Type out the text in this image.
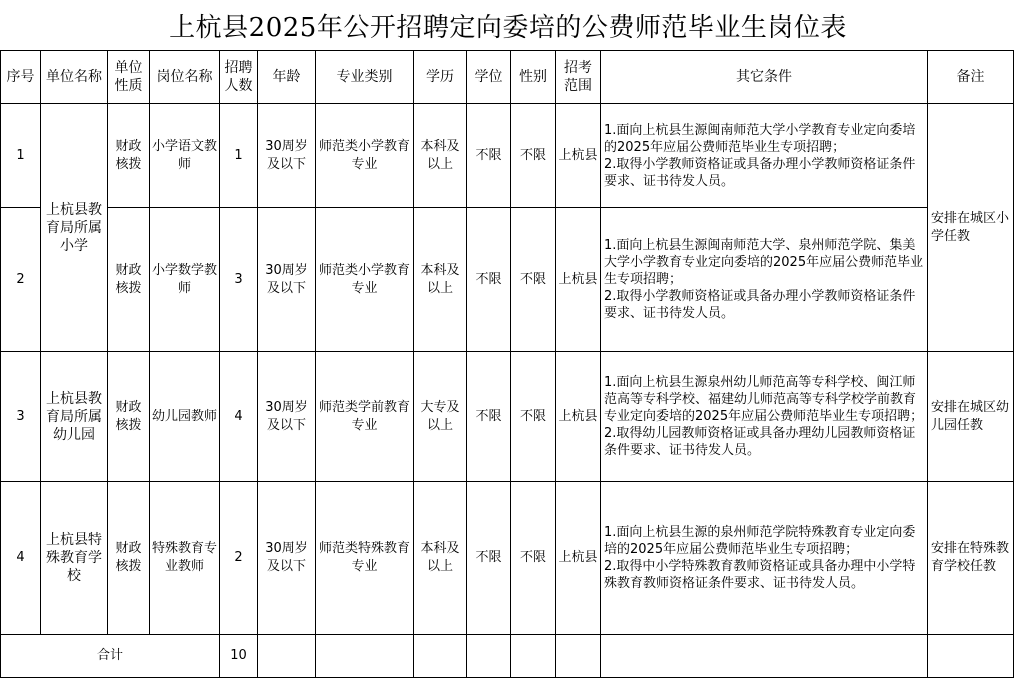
上杭县2025年公开招聘定向委培的公费师范毕业生岗位表
序号	单位名称	单位性质	岗位名称	招聘人数	年龄	专业类别	学历	学位	性别	招考范围	其它条件	备注
1	上杭县教育局所属小学	财政核拨	小学语文教师	1	30周岁及以下	师范类小学教育专业	本科及以上	不限	不限	上杭县	1.面向上杭县生源闽南师范大学小学教育专业定向委培的2025年应届公费师范毕业生专项招聘；
2.取得小学教师资格证或具备办理小学教师资格证条件要求、证书待发人员。	安排在城区小学任教
2		财政核拨	小学数学教师	3	30周岁及以下	师范类小学教育专业	本科及以上	不限	不限	上杭县	1.面向上杭县生源闽南师范大学、泉州师范学院、集美大学小学教育专业定向委培的2025年应届公费师范毕业生专项招聘；
2.取得小学教师资格证或具备办理小学教师资格证条件要求、证书待发人员。	

3	上杭县教育局所属幼儿园	财政核拨	幼儿园教师	4	30周岁及以下	师范类学前教育专业	大专及以上	不限	不限	上杭县	1.面向上杭县生源泉州幼儿师范高等专科学校、闽江师范高等专科学校、福建幼儿师范高等专科学校学前教育专业定向委培的2025年应届公费师范毕业生专项招聘；
2.取得幼儿园教师资格证或具备办理幼儿园教师资格证条件要求、证书待发人员。	安排在城区幼儿园任教
4	上杭县特殊教育学校	财政核拨	特殊教育专业教师	2	30周岁及以下	师范类特殊教育专业	本科及以上	不限	不限	上杭县	1.面向上杭县生源的泉州师范学院特殊教育专业定向委培的2025年应届公费师范毕业生专项招聘；
2.取得中小学特殊教育教师资格证或具备办理中小学特殊教育教师资格证条件要求、证书待发人员。	安排在特殊教育学校任教
合计				10								
